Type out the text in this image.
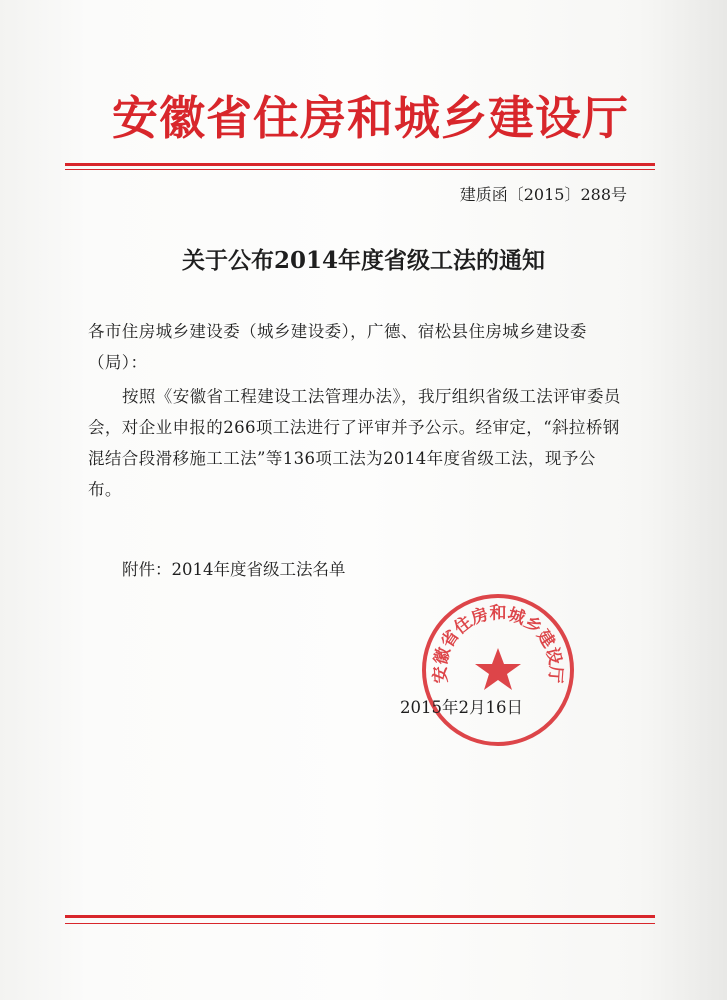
安徽省住房和城乡建设厅
建质函〔2015〕288号
关于公布2014年度省级工法的通知
各市住房城乡建设委（城乡建设委），广德、宿松县住房城乡建设委（局）：
按照《安徽省工程建设工法管理办法》，我厅组织省级工法评审委员会，对企业申报的266项工法进行了评审并予公示。经审定，“斜拉桥钢混结合段滑移施工工法”等136项工法为2014年度省级工法，现予公布。
附件：2014年度省级工法名单
安徽省住房和城乡建设厅
2015年2月16日
